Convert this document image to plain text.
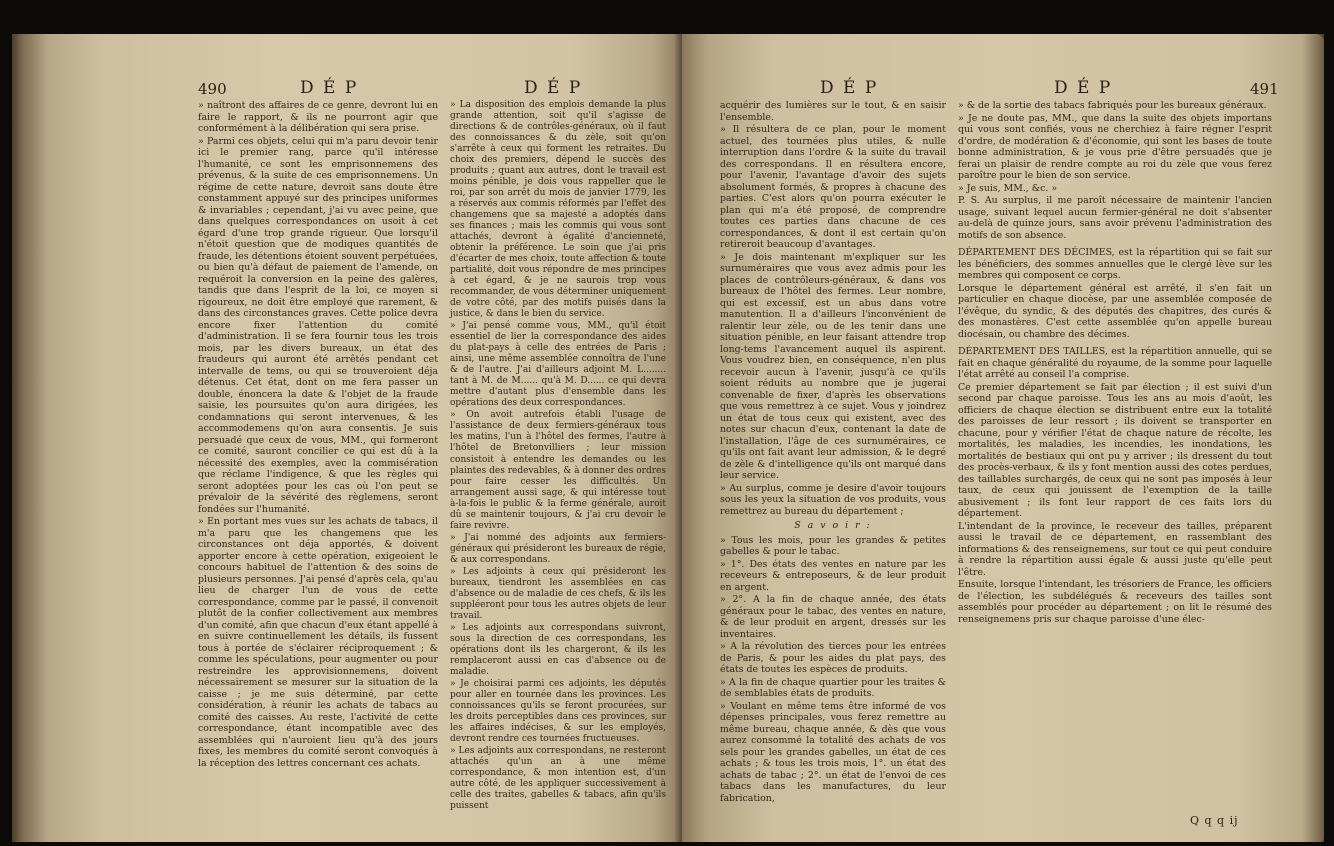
490	D É P	D É P

» naîtront des affaires de ce genre, devront lui en faire le rapport, & ils ne pourront agir que conformément à la délibération qui sera prise.

» Parmi ces objets, celui qui m'a paru devoir tenir ici le premier rang, parce qu'il intéresse l'humanité, ce sont les emprisonnemens des prévenus, & la suite de ces emprisonnemens. Un régime de cette nature, devroit sans doute être constamment appuyé sur des principes uniformes & invariables ; cependant, j'ai vu avec peine, que dans quelques correspondances on usoit à cet égard d'une trop grande rigueur. Que lorsqu'il n'étoit question que de modiques quantités de fraude, les détentions étoient souvent perpétuées, ou bien qu'à défaut de paiement de l'amende, on requéroit la conversion en la peine des galères, tandis que dans l'esprit de la loi, ce moyen si rigoureux, ne doit être employé que rarement, & dans des circonstances graves. Cette police devra encore fixer l'attention du comité d'administration. Il se fera fournir tous les trois mois, par les divers bureaux, un état des fraudeurs qui auront été arrêtés pendant cet intervalle de tems, ou qui se trouveroient déja détenus. Cet état, dont on me fera passer un double, énoncera la date & l'objet de la fraude saisie, les poursuites qu'on aura dirigées, les condamnations qui seront intervenues, & les accommodemens qu'on aura consentis. Je suis persuadé que ceux de vous, MM., qui formeront ce comité, sauront concilier ce qui est dû à la nécessité des exemples, avec la commisération que réclame l'indigence, & que les règles qui seront adoptées pour les cas où l'on peut se prévaloir de la sévérité des règlemens, seront fondées sur l'humanité.

» En portant mes vues sur les achats de tabacs, il m'a paru que les changemens que les circonstances ont déja apportés, & doivent apporter encore à cette opération, exigeoient le concours habituel de l'attention & des soins de plusieurs personnes. J'ai pensé d'après cela, qu'au lieu de charger l'un de vous de cette correspondance, comme par le passé, il convenoit plutôt de la confier collectivement aux membres d'un comité, afin que chacun d'eux étant appellé à en suivre continuellement les détails, ils fussent tous à portée de s'éclairer réciproquement ; & comme les spéculations, pour augmenter ou pour restreindre les approvisionnemens, doivent nécessairement se mesurer sur la situation de la caisse ; je me suis déterminé, par cette considération, à réunir les achats de tabacs au comité des caisses. Au reste, l'activité de cette correspondance, étant incompatible avec des assemblées qui n'auroient lieu qu'à des jours fixes, les membres du comité seront convoqués à la réception des lettres concernant ces achats.

» La disposition des emplois demande la plus grande attention, soit qu'il s'agisse de directions & de contrôles-généraux, où il faut des connoissances & du zèle, soit qu'on s'arrête à ceux qui forment les retraites. Du choix des premiers, dépend le succès des produits ; quant aux autres, dont le travail est moins pénible, je dois vous rappeller que le roi, par son arrêt du mois de janvier 1779, les a réservés aux commis réformés par l'effet des changemens que sa majesté a adoptés dans ses finances ; mais les commis qui vous sont attachés, devront à égalité d'ancienneté, obtenir la préférence. Le soin que j'ai pris d'écarter de mes choix, toute affection & toute partialité, doit vous répondre de mes principes à cet égard, & je ne saurois trop vous recommander, de vous déterminer uniquement de votre côté, par des motifs puisés dans la justice, & dans le bien du service.

» J'ai pensé comme vous, MM., qu'il étoit essentiel de lier la correspondance des aides du plat-pays à celle des entrées de Paris ; ainsi, une même assemblée connoîtra de l'une & de l'autre. J'ai d'ailleurs adjoint M. L........ tant à M. de M...... qu'à M. D...... ce qui devra mettre d'autant plus d'ensemble dans les opérations des deux correspondances.

» On avoit autrefois établi l'usage de l'assistance de deux fermiers-généraux tous les matins, l'un à l'hôtel des fermes, l'autre à l'hôtel de Bretonvilliers ; leur mission consistoit à entendre les demandes ou les plaintes des redevables, & à donner des ordres pour faire cesser les difficultés. Un arrangement aussi sage, & qui intéresse tout à-la-fois le public & la ferme générale, auroit dû se maintenir toujours, & j'ai cru devoir le faire revivre.

» J'ai nommé des adjoints aux fermiers-généraux qui présideront les bureaux de régie, & aux correspondans.

» Les adjoints à ceux qui présideront les bureaux, tiendront les assemblées en cas d'absence ou de maladie de ces chefs, & ils les suppléeront pour tous les autres objets de leur travail.

» Les adjoints aux correspondans suivront, sous la direction de ces correspondans, les opérations dont ils les chargeront, & ils les remplaceront aussi en cas d'absence ou de maladie.

» Je choisirai parmi ces adjoints, les députés pour aller en tournée dans les provinces. Les connoissances qu'ils se feront procurées, sur les droits perceptibles dans ces provinces, sur les affaires indécises, & sur les employés, devront rendre ces tournées fructueuses.

» Les adjoints aux correspondans, ne resteront attachés qu'un an à une même correspondance, & mon intention est, d'un autre côté, de les appliquer successivement à celle des traites, gabelles & tabacs, afin qu'ils puissent

D É P	D É P	491

acquérir des lumières sur le tout, & en saisir l'ensemble.

» Il résultera de ce plan, pour le moment actuel, des tournées plus utiles, & nulle interruption dans l'ordre & la suite du travail des correspondans. Il en résultera encore, pour l'avenir, l'avantage d'avoir des sujets absolument formés, & propres à chacune des parties. C'est alors qu'on pourra exécuter le plan qui m'a été proposé, de comprendre toutes ces parties dans chacune de ces correspondances, & dont il est certain qu'on retireroit beaucoup d'avantages.

» Je dois maintenant m'expliquer sur les surnuméraires que vous avez admis pour les places de contrôleurs-généraux, & dans vos bureaux de l'hôtel des fermes. Leur nombre, qui est excessif, est un abus dans votre manutention. Il a d'ailleurs l'inconvénient de ralentir leur zèle, ou de les tenir dans une situation pénible, en leur faisant attendre trop long-tems l'avancement auquel ils aspirent. Vous voudrez bien, en conséquence, n'en plus recevoir aucun à l'avenir, jusqu'à ce qu'ils soient réduits au nombre que je jugerai convenable de fixer, d'après les observations que vous remettrez à ce sujet. Vous y joindrez un état de tous ceux qui existent, avec des notes sur chacun d'eux, contenant la date de l'installation, l'âge de ces surnuméraires, ce qu'ils ont fait avant leur admission, & le degré de zèle & d'intelligence qu'ils ont marqué dans leur service.

» Au surplus, comme je desire d'avoir toujours sous les yeux la situation de vos produits, vous remettrez au bureau du département ;

S a v o i r :

» Tous les mois, pour les grandes & petites gabelles & pour le tabac.

» 1°. Des états des ventes en nature par les receveurs & entreposeurs, & de leur produit en argent.

» 2°. A la fin de chaque année, des états généraux pour le tabac, des ventes en nature, & de leur produit en argent, dressés sur les inventaires.

» A la révolution des tierces pour les entrées de Paris, & pour les aides du plat pays, des états de toutes les espèces de produits.

» A la fin de chaque quartier pour les traites & de semblables états de produits.

» Voulant en même tems être informé de vos dépenses principales, vous ferez remettre au même bureau, chaque année, & dès que vous aurez consommé la totalité des achats de vos sels pour les grandes gabelles, un état de ces achats ; & tous les trois mois, 1°. un état des achats de tabac ; 2°. un état de l'envoi de ces tabacs dans les manufactures, du leur fabrication,

» & de la sortie des tabacs fabriqués pour les bureaux généraux.

» Je ne doute pas, MM., que dans la suite des objets importans qui vous sont confiés, vous ne cherchiez à faire régner l'esprit d'ordre, de modération & d'économie, qui sont les bases de toute bonne administration, & je vous prie d'être persuadés que je ferai un plaisir de rendre compte au roi du zèle que vous ferez paroître pour le bien de son service.

» Je suis, MM., &c. »

P. S. Au surplus, il me paroît nécessaire de maintenir l'ancien usage, suivant lequel aucun fermier-général ne doit s'absenter au-delà de quinze jours, sans avoir prévenu l'administration des motifs de son absence.

DÉPARTEMENT DES DÉCIMES, est la répartition qui se fait sur les bénéficiers, des sommes annuelles que le clergé lève sur les membres qui composent ce corps.

Lorsque le département général est arrêté, il s'en fait un particulier en chaque diocèse, par une assemblée composée de l'évêque, du syndic, & des députés des chapitres, des curés & des monastères. C'est cette assemblée qu'on appelle bureau diocésain, ou chambre des décimes.

DÉPARTEMENT DES TAILLES, est la répartition annuelle, qui se fait en chaque généralité du royaume, de la somme pour laquelle l'état arrêté au conseil l'a comprise.

Ce premier département se fait par élection ; il est suivi d'un second par chaque paroisse. Tous les ans au mois d'août, les officiers de chaque élection se distribuent entre eux la totalité des paroisses de leur ressort ; ils doivent se transporter en chacune, pour y vérifier l'état de chaque nature de récolte, les mortalités, les maladies, les incendies, les inondations, les mortalités de bestiaux qui ont pu y arriver ; ils dressent du tout des procès-verbaux, & ils y font mention aussi des cotes perdues, des taillables surchargés, de ceux qui ne sont pas imposés à leur taux, de ceux qui jouissent de l'exemption de la taille abusivement ; ils font leur rapport de ces faits lors du département.

L'intendant de la province, le receveur des tailles, préparent aussi le travail de ce département, en rassemblant des informations & des renseignemens, sur tout ce qui peut conduire à rendre la répartition aussi égale & aussi juste qu'elle peut l'être.

Ensuite, lorsque l'intendant, les trésoriers de France, les officiers de l'élection, les subdélégués & receveurs des tailles sont assemblés pour procéder au département ; on lit le résumé des renseignemens pris sur chaque paroisse d'une élec-

Q q q ij
